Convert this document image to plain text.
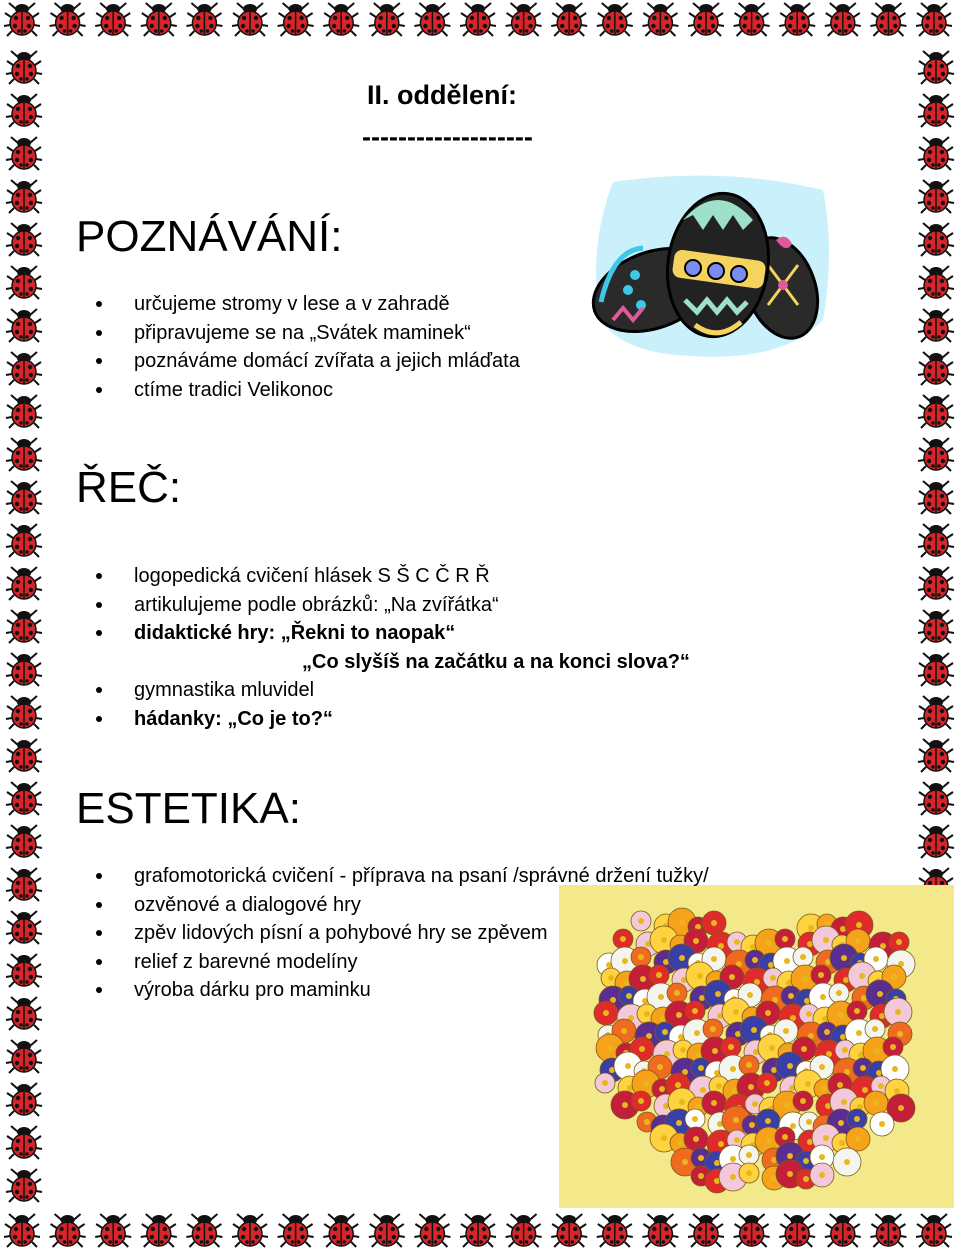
II. oddělení:
-------------------
POZNÁVÁNÍ:
určujeme stromy v lese a v zahradě
připravujeme se na „Svátek maminek“
poznáváme domácí zvířata a jejich mláďata
ctíme tradici Velikonoc
ŘEČ:
logopedická cvičení hlásek S Š C Č R Ř
artikulujeme podle obrázků: „Na zvířátka“
didaktické hry: „Řekni to naopak“
„Co slyšíš na začátku a na konci slova?“
gymnastika mluvidel
hádanky: „Co je to?“
ESTETIKA:
grafomotorická cvičení - příprava na psaní /správné držení tužky/
ozvěnové a dialogové hry
zpěv lidových písní a pohybové hry se zpěvem
relief z barevné modelíny
výroba dárku pro maminku
